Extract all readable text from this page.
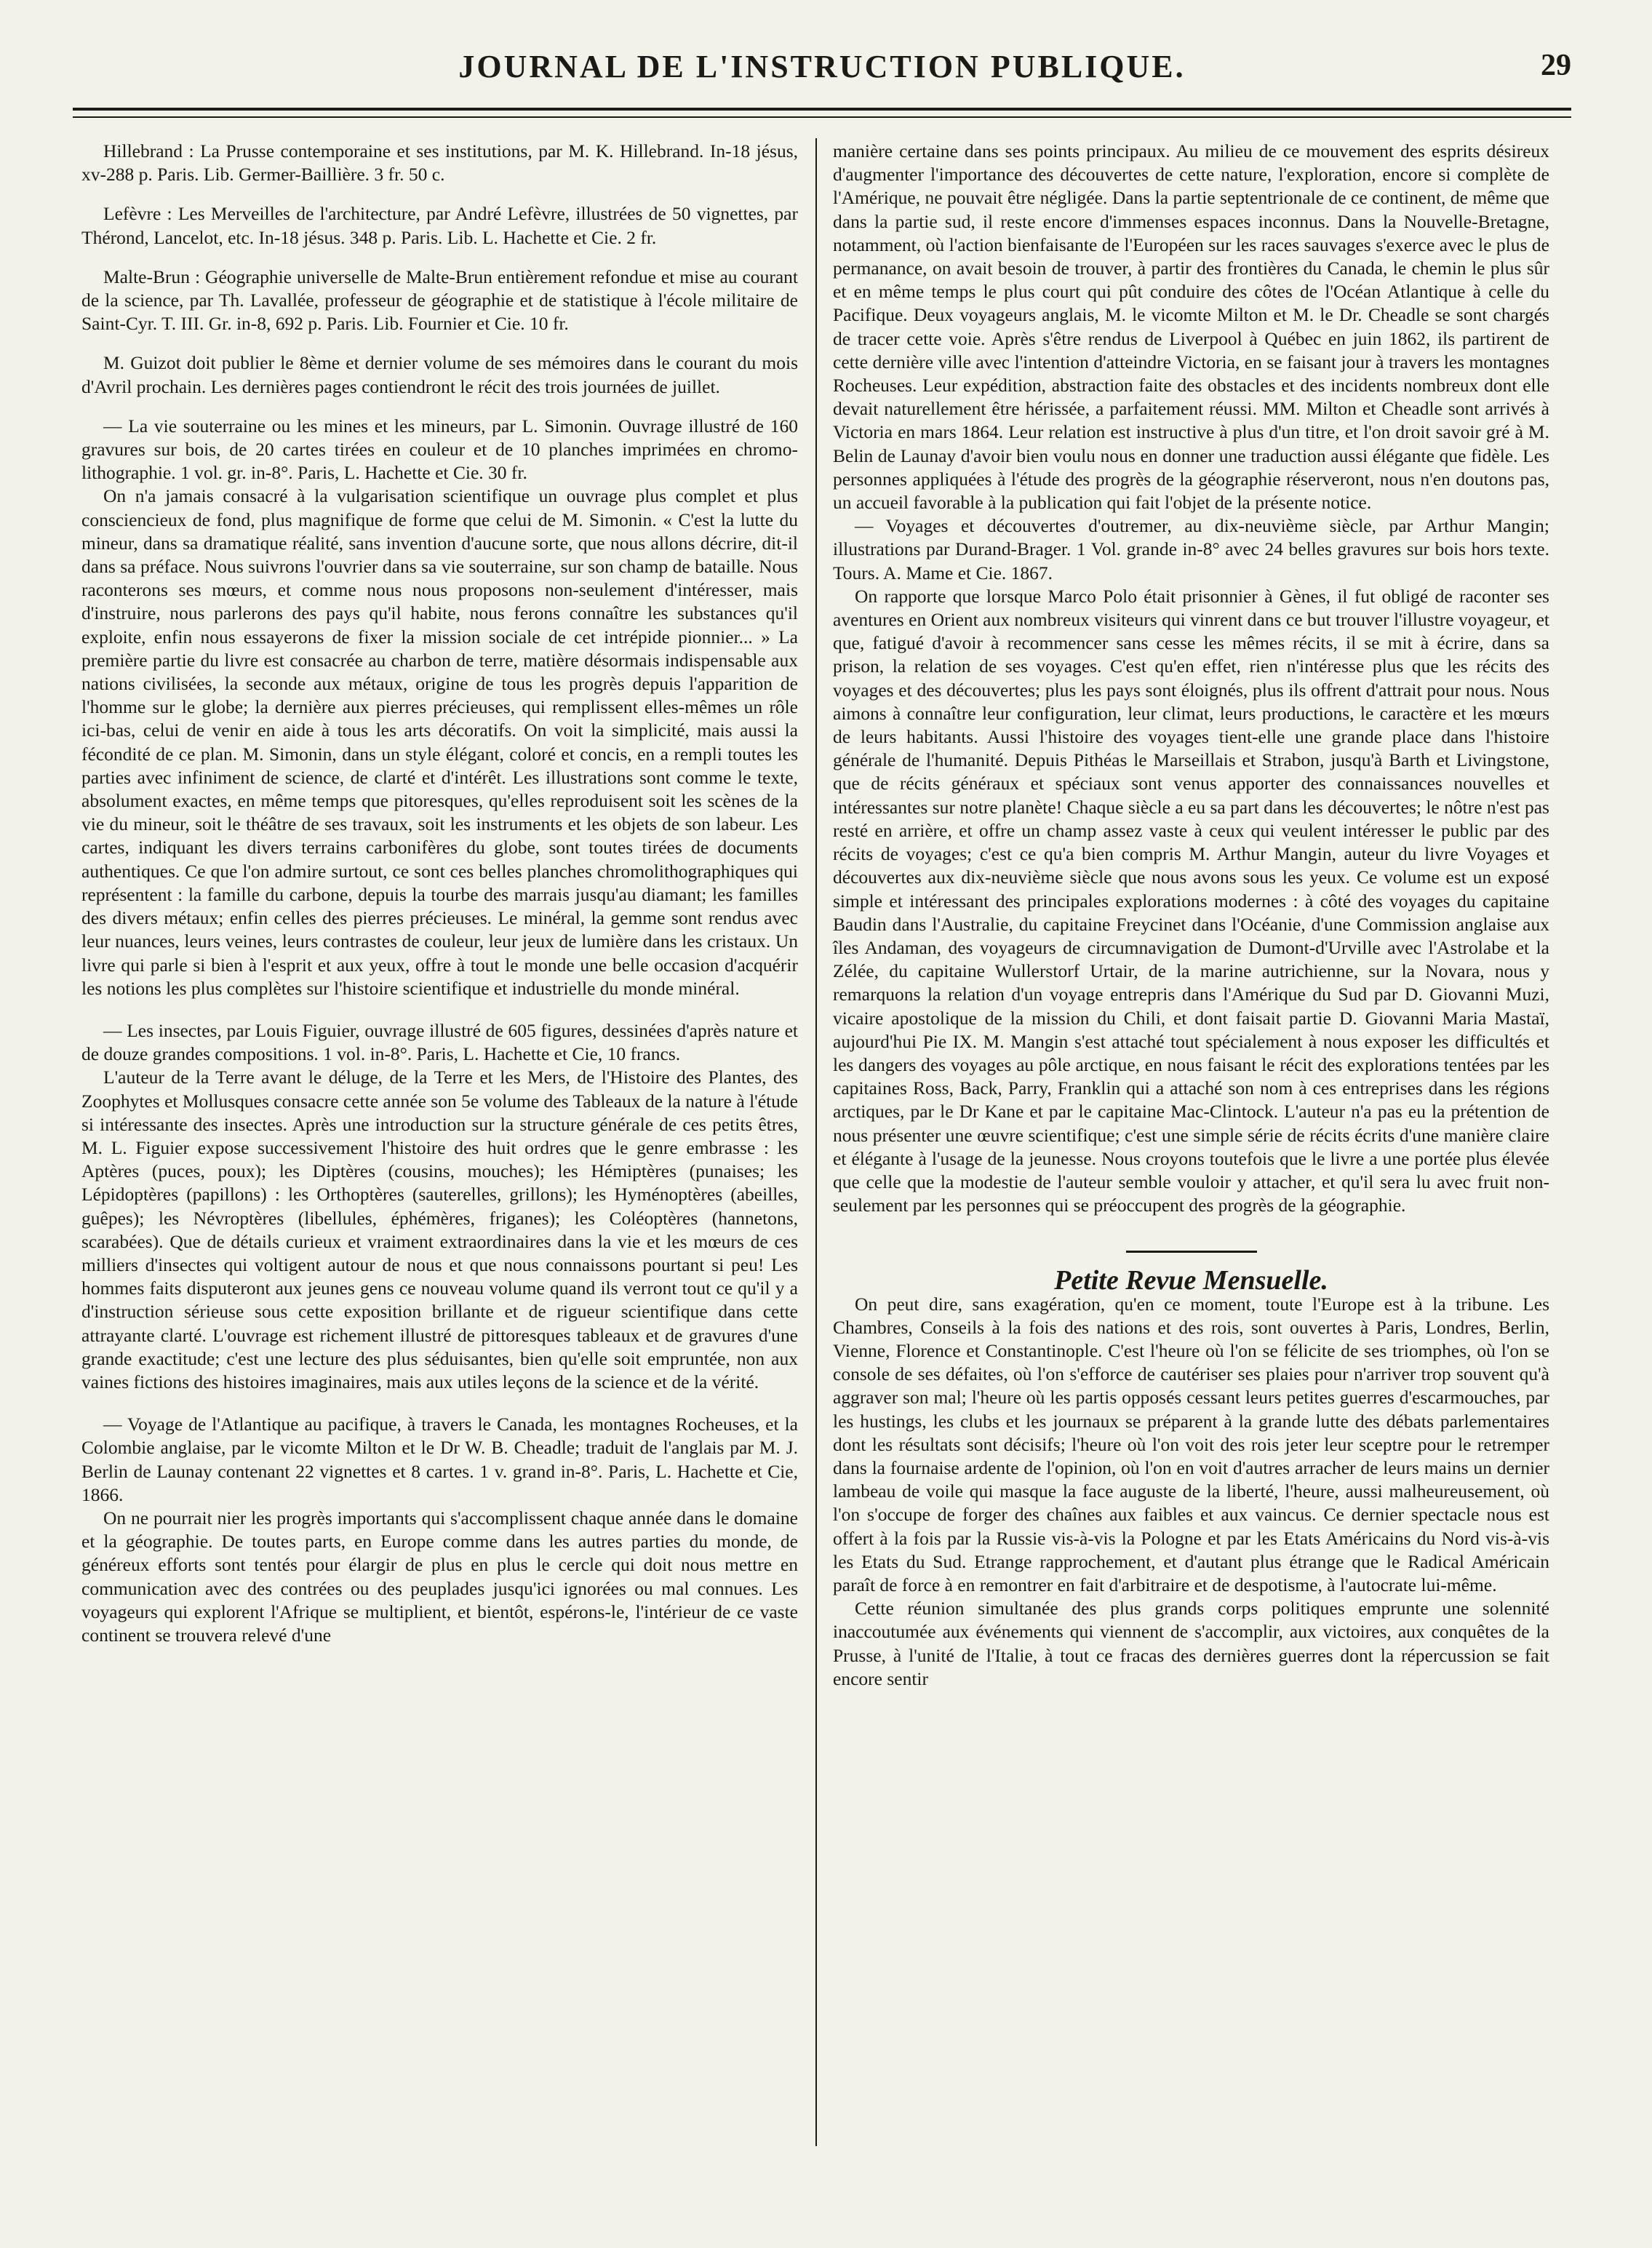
JOURNAL DE L'INSTRUCTION PUBLIQUE.	29

Hillebrand : La Prusse contemporaine et ses institutions, par M. K. Hillebrand. In-18 jésus, xv-288 p. Paris. Lib. Germer-Baillière. 3 fr. 50 c.

Lefèvre : Les Merveilles de l'architecture, par André Lefèvre, illustrées de 50 vignettes, par Thérond, Lancelot, etc. In-18 jésus. 348 p. Paris. Lib. L. Hachette et Cie. 2 fr.

Malte-Brun : Géographie universelle de Malte-Brun entièrement refondue et mise au courant de la science, par Th. Lavallée, professeur de géographie et de statistique à l'école militaire de Saint-Cyr. T. III. Gr. in-8, 692 p. Paris. Lib. Fournier et Cie. 10 fr.

M. Guizot doit publier le 8ème et dernier volume de ses mémoires dans le courant du mois d'Avril prochain. Les dernières pages contiendront le récit des trois journées de juillet.

— La vie souterraine ou les mines et les mineurs, par L. Simonin. Ouvrage illustré de 160 gravures sur bois, de 20 cartes tirées en couleur et de 10 planches imprimées en chromo-lithographie. 1 vol. gr. in-8°. Paris, L. Hachette et Cie. 30 fr.

On n'a jamais consacré à la vulgarisation scientifique un ouvrage plus complet et plus consciencieux de fond, plus magnifique de forme que celui de M. Simonin. « C'est la lutte du mineur, dans sa dramatique réalité, sans invention d'aucune sorte, que nous allons décrire, dit-il dans sa préface. Nous suivrons l'ouvrier dans sa vie souterraine, sur son champ de bataille. Nous raconterons ses mœurs, et comme nous nous proposons non-seulement d'intéresser, mais d'instruire, nous parlerons des pays qu'il habite, nous ferons connaître les substances qu'il exploite, enfin nous essayerons de fixer la mission sociale de cet intrépide pionnier... » La première partie du livre est consacrée au charbon de terre, matière désormais indispensable aux nations civilisées, la seconde aux métaux, origine de tous les progrès depuis l'apparition de l'homme sur le globe; la dernière aux pierres précieuses, qui remplissent elles-mêmes un rôle ici-bas, celui de venir en aide à tous les arts décoratifs. On voit la simplicité, mais aussi la fécondité de ce plan. M. Simonin, dans un style élégant, coloré et concis, en a rempli toutes les parties avec infiniment de science, de clarté et d'intérêt. Les illustrations sont comme le texte, absolument exactes, en même temps que pitoresques, qu'elles reproduisent soit les scènes de la vie du mineur, soit le théâtre de ses travaux, soit les instruments et les objets de son labeur. Les cartes, indiquant les divers terrains carbonifères du globe, sont toutes tirées de documents authentiques. Ce que l'on admire surtout, ce sont ces belles planches chromolithographiques qui représentent : la famille du carbone, depuis la tourbe des marrais jusqu'au diamant; les familles des divers métaux; enfin celles des pierres précieuses. Le minéral, la gemme sont rendus avec leur nuances, leurs veines, leurs contrastes de couleur, leur jeux de lumière dans les cristaux. Un livre qui parle si bien à l'esprit et aux yeux, offre à tout le monde une belle occasion d'acquérir les notions les plus complètes sur l'histoire scientifique et industrielle du monde minéral.

— Les insectes, par Louis Figuier, ouvrage illustré de 605 figures, dessinées d'après nature et de douze grandes compositions. 1 vol. in-8°. Paris, L. Hachette et Cie, 10 francs.

L'auteur de la Terre avant le déluge, de la Terre et les Mers, de l'Histoire des Plantes, des Zoophytes et Mollusques consacre cette année son 5e volume des Tableaux de la nature à l'étude si intéressante des insectes. Après une introduction sur la structure générale de ces petits êtres, M. L. Figuier expose successivement l'histoire des huit ordres que le genre embrasse : les Aptères (puces, poux); les Diptères (cousins, mouches); les Hémiptères (punaises; les Lépidoptères (papillons) : les Orthoptères (sauterelles, grillons); les Hyménoptères (abeilles, guêpes); les Névroptères (libellules, éphémères, friganes); les Coléoptères (hannetons, scarabées). Que de détails curieux et vraiment extraordinaires dans la vie et les mœurs de ces milliers d'insectes qui voltigent autour de nous et que nous connaissons pourtant si peu! Les hommes faits disputeront aux jeunes gens ce nouveau volume quand ils verront tout ce qu'il y a d'instruction sérieuse sous cette exposition brillante et de rigueur scientifique dans cette attrayante clarté. L'ouvrage est richement illustré de pittoresques tableaux et de gravures d'une grande exactitude; c'est une lecture des plus séduisantes, bien qu'elle soit empruntée, non aux vaines fictions des histoires imaginaires, mais aux utiles leçons de la science et de la vérité.

— Voyage de l'Atlantique au pacifique, à travers le Canada, les montagnes Rocheuses, et la Colombie anglaise, par le vicomte Milton et le Dr W. B. Cheadle; traduit de l'anglais par M. J. Berlin de Launay contenant 22 vignettes et 8 cartes. 1 v. grand in-8°. Paris, L. Hachette et Cie, 1866.

On ne pourrait nier les progrès importants qui s'accomplissent chaque année dans le domaine et la géographie. De toutes parts, en Europe comme dans les autres parties du monde, de généreux efforts sont tentés pour élargir de plus en plus le cercle qui doit nous mettre en communication avec des contrées ou des peuplades jusqu'ici ignorées ou mal connues. Les voyageurs qui explorent l'Afrique se multiplient, et bientôt, espérons-le, l'intérieur de ce vaste continent se trouvera relevé d'une

manière certaine dans ses points principaux. Au milieu de ce mouvement des esprits désireux d'augmenter l'importance des découvertes de cette nature, l'exploration, encore si complète de l'Amérique, ne pouvait être négligée. Dans la partie septentrionale de ce continent, de même que dans la partie sud, il reste encore d'immenses espaces inconnus. Dans la Nouvelle-Bretagne, notamment, où l'action bienfaisante de l'Européen sur les races sauvages s'exerce avec le plus de permanance, on avait besoin de trouver, à partir des frontières du Canada, le chemin le plus sûr et en même temps le plus court qui pût conduire des côtes de l'Océan Atlantique à celle du Pacifique. Deux voyageurs anglais, M. le vicomte Milton et M. le Dr. Cheadle se sont chargés de tracer cette voie. Après s'être rendus de Liverpool à Québec en juin 1862, ils partirent de cette dernière ville avec l'intention d'atteindre Victoria, en se faisant jour à travers les montagnes Rocheuses. Leur expédition, abstraction faite des obstacles et des incidents nombreux dont elle devait naturellement être hérissée, a parfaitement réussi. MM. Milton et Cheadle sont arrivés à Victoria en mars 1864. Leur relation est instructive à plus d'un titre, et l'on droit savoir gré à M. Belin de Launay d'avoir bien voulu nous en donner une traduction aussi élégante que fidèle. Les personnes appliquées à l'étude des progrès de la géographie réserveront, nous n'en doutons pas, un accueil favorable à la publication qui fait l'objet de la présente notice.

— Voyages et découvertes d'outremer, au dix-neuvième siècle, par Arthur Mangin; illustrations par Durand-Brager. 1 Vol. grande in-8° avec 24 belles gravures sur bois hors texte. Tours. A. Mame et Cie. 1867.

On rapporte que lorsque Marco Polo était prisonnier à Gènes, il fut obligé de raconter ses aventures en Orient aux nombreux visiteurs qui vinrent dans ce but trouver l'illustre voyageur, et que, fatigué d'avoir à recommencer sans cesse les mêmes récits, il se mit à écrire, dans sa prison, la relation de ses voyages. C'est qu'en effet, rien n'intéresse plus que les récits des voyages et des découvertes; plus les pays sont éloignés, plus ils offrent d'attrait pour nous. Nous aimons à connaître leur configuration, leur climat, leurs productions, le caractère et les mœurs de leurs habitants. Aussi l'histoire des voyages tient-elle une grande place dans l'histoire générale de l'humanité. Depuis Pithéas le Marseillais et Strabon, jusqu'à Barth et Livingstone, que de récits généraux et spéciaux sont venus apporter des connaissances nouvelles et intéressantes sur notre planète! Chaque siècle a eu sa part dans les découvertes; le nôtre n'est pas resté en arrière, et offre un champ assez vaste à ceux qui veulent intéresser le public par des récits de voyages; c'est ce qu'a bien compris M. Arthur Mangin, auteur du livre Voyages et découvertes aux dix-neuvième siècle que nous avons sous les yeux. Ce volume est un exposé simple et intéressant des principales explorations modernes : à côté des voyages du capitaine Baudin dans l'Australie, du capitaine Freycinet dans l'Océanie, d'une Commission anglaise aux îles Andaman, des voyageurs de circumnavigation de Dumont-d'Urville avec l'Astrolabe et la Zélée, du capitaine Wullerstorf Urtair, de la marine autrichienne, sur la Novara, nous y remarquons la relation d'un voyage entrepris dans l'Amérique du Sud par D. Giovanni Muzi, vicaire apostolique de la mission du Chili, et dont faisait partie D. Giovanni Maria Mastaï, aujourd'hui Pie IX. M. Mangin s'est attaché tout spécialement à nous exposer les difficultés et les dangers des voyages au pôle arctique, en nous faisant le récit des explorations tentées par les capitaines Ross, Back, Parry, Franklin qui a attaché son nom à ces entreprises dans les régions arctiques, par le Dr Kane et par le capitaine Mac-Clintock. L'auteur n'a pas eu la prétention de nous présenter une œuvre scientifique; c'est une simple série de récits écrits d'une manière claire et élégante à l'usage de la jeunesse. Nous croyons toutefois que le livre a une portée plus élevée que celle que la modestie de l'auteur semble vouloir y attacher, et qu'il sera lu avec fruit non-seulement par les personnes qui se préoccupent des progrès de la géographie.

Petite Revue Mensuelle.

On peut dire, sans exagération, qu'en ce moment, toute l'Europe est à la tribune. Les Chambres, Conseils à la fois des nations et des rois, sont ouvertes à Paris, Londres, Berlin, Vienne, Florence et Constantinople. C'est l'heure où l'on se félicite de ses triomphes, où l'on se console de ses défaites, où l'on s'efforce de cautériser ses plaies pour n'arriver trop souvent qu'à aggraver son mal; l'heure où les partis opposés cessant leurs petites guerres d'escarmouches, par les hustings, les clubs et les journaux se préparent à la grande lutte des débats parlementaires dont les résultats sont décisifs; l'heure où l'on voit des rois jeter leur sceptre pour le retremper dans la fournaise ardente de l'opinion, où l'on en voit d'autres arracher de leurs mains un dernier lambeau de voile qui masque la face auguste de la liberté, l'heure, aussi malheureusement, où l'on s'occupe de forger des chaînes aux faibles et aux vaincus. Ce dernier spectacle nous est offert à la fois par la Russie vis-à-vis la Pologne et par les Etats Américains du Nord vis-à-vis les Etats du Sud. Etrange rapprochement, et d'autant plus étrange que le Radical Américain paraît de force à en remontrer en fait d'arbitraire et de despotisme, à l'autocrate lui-même.

Cette réunion simultanée des plus grands corps politiques emprunte une solennité inaccoutumée aux événements qui viennent de s'accomplir, aux victoires, aux conquêtes de la Prusse, à l'unité de l'Italie, à tout ce fracas des dernières guerres dont la répercussion se fait encore sentir
